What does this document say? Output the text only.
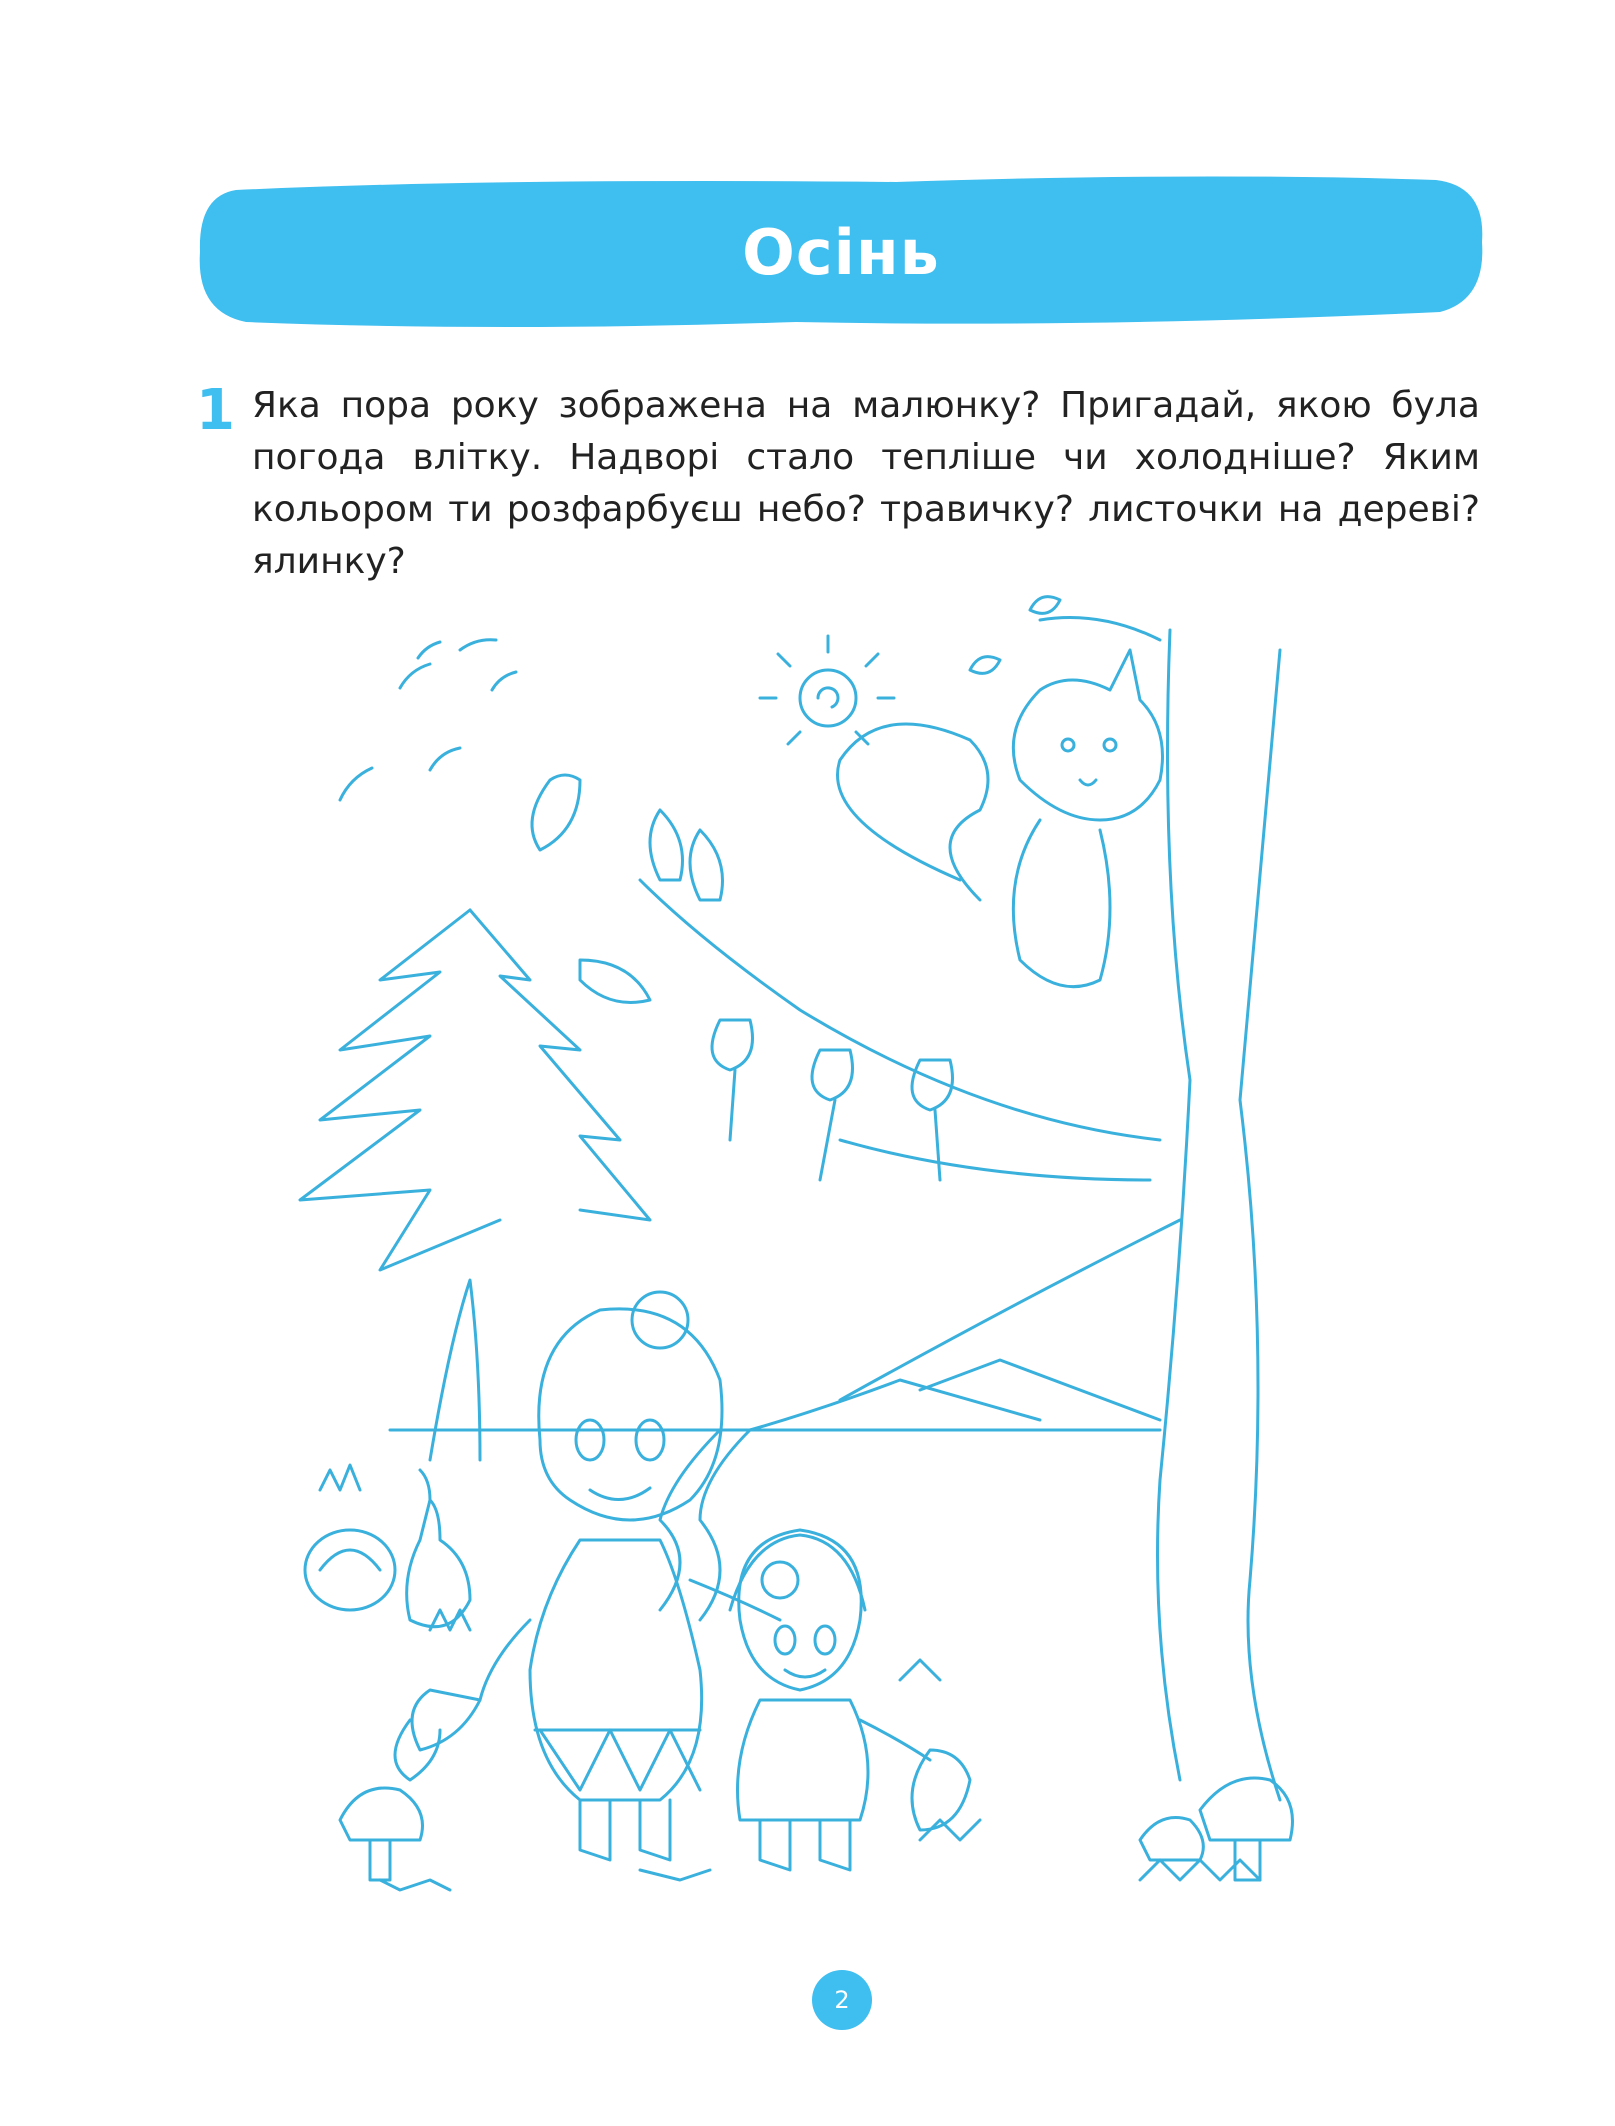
Осінь
1 Яка пора року зображена на малюнку? Пригадай, якою була погода влітку. Надворі стало тепліше чи холодніше? Яким кольором ти розфарбуєш небо? травичку? листочки на дереві? ялинку?

2
